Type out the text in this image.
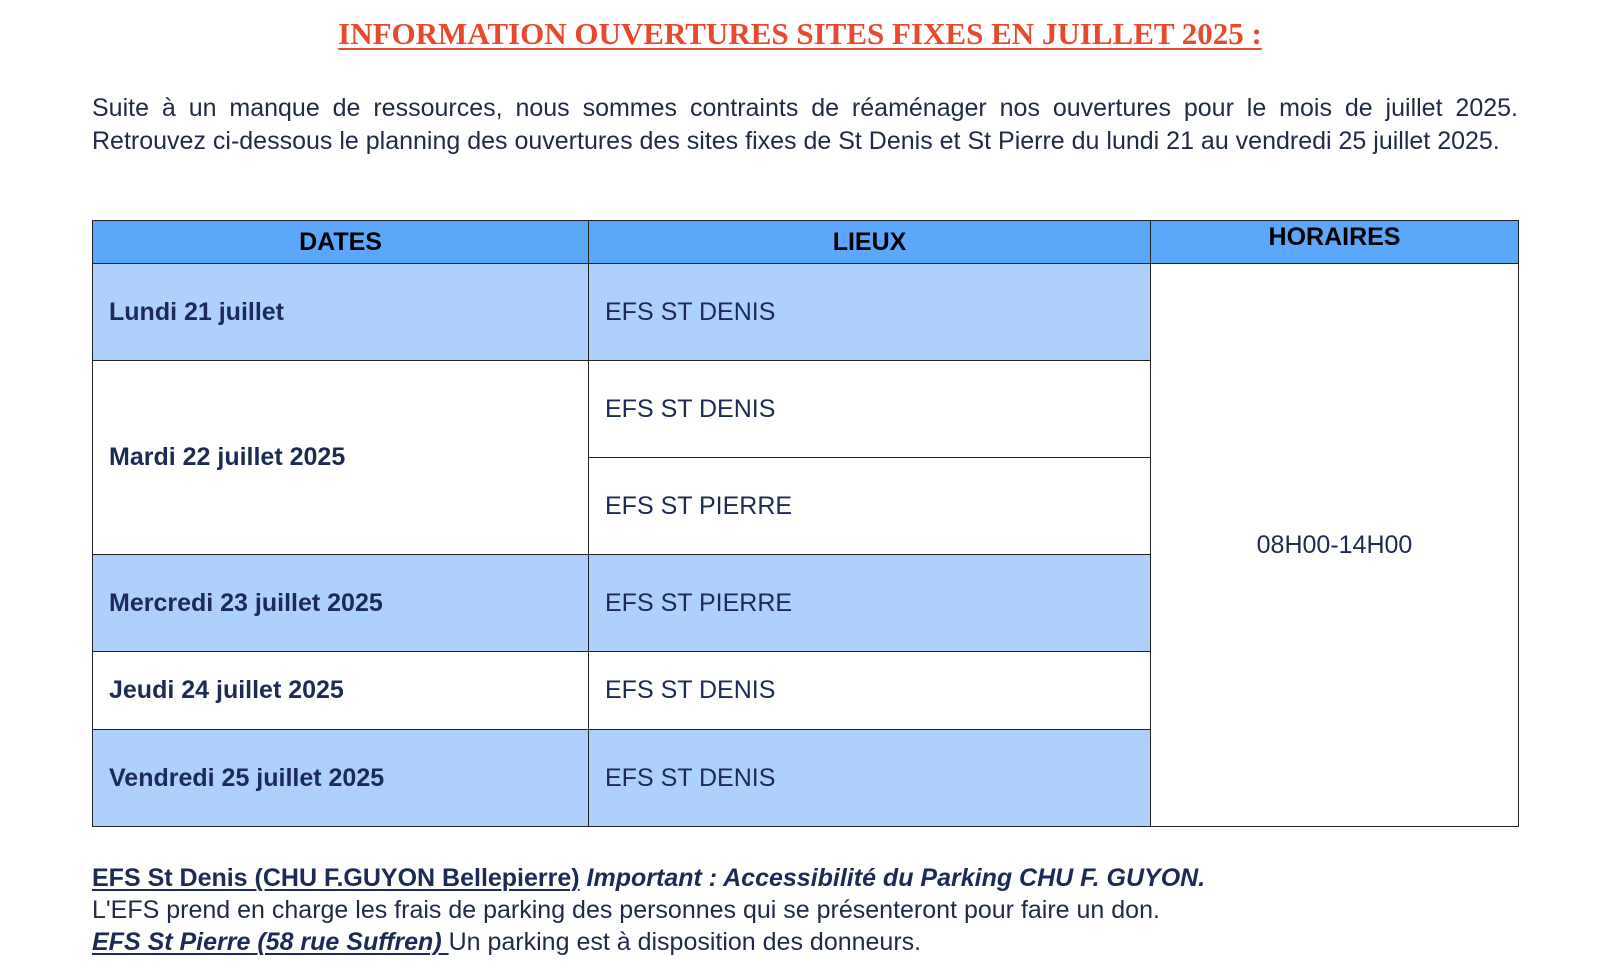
INFORMATION OUVERTURES SITES FIXES EN JUILLET 2025 :
Suite à un manque de ressources, nous sommes contraints de réaménager nos ouvertures pour le mois de juillet 2025. Retrouvez ci-dessous le planning des ouvertures des sites fixes de St Denis et St Pierre du lundi 21 au vendredi 25 juillet 2025.
DATES	LIEUX	HORAIRES
Lundi 21 juillet	EFS ST DENIS	08H00-14H00
Mardi 22 juillet 2025	EFS ST DENIS	
	EFS ST PIERRE	
Mercredi 23 juillet 2025	EFS ST PIERRE	
Jeudi 24 juillet 2025	EFS ST DENIS	
Vendredi 25 juillet 2025	EFS ST DENIS	
EFS St Denis (CHU F.GUYON Bellepierre) Important : Accessibilité du Parking CHU F. GUYON.
L'EFS prend en charge les frais de parking des personnes qui se présenteront pour faire un don.
EFS St Pierre (58 rue Suffren) Un parking est à disposition des donneurs.
